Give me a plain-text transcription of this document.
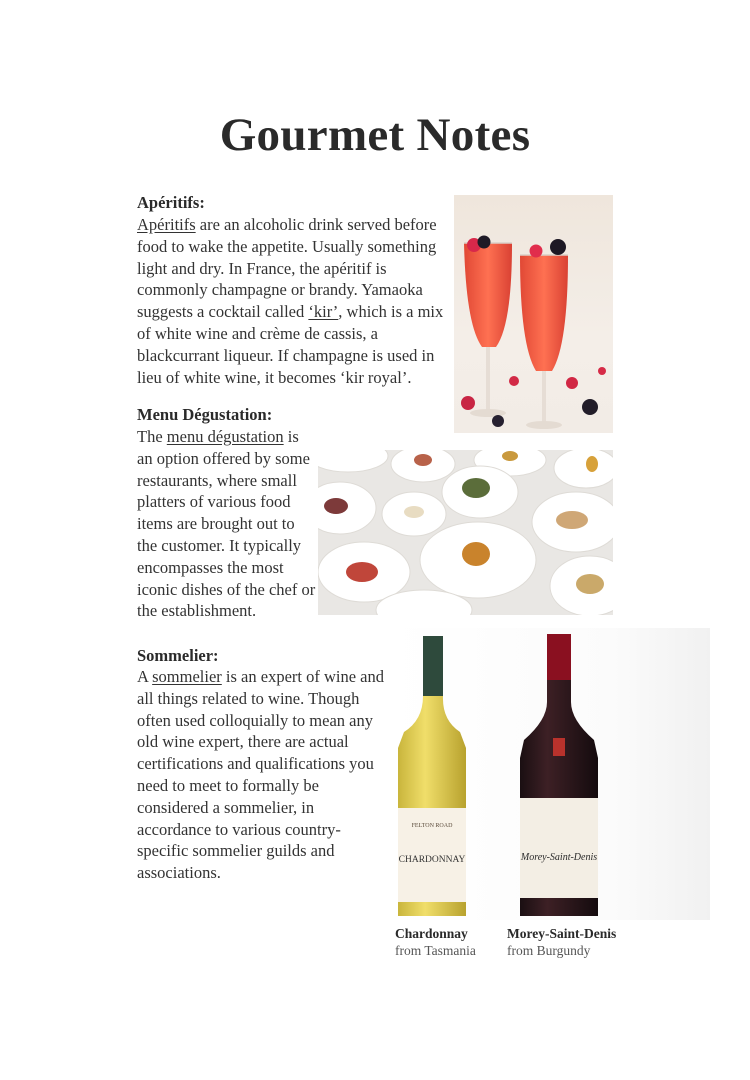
Gourmet Notes
Apéritifs:
Apéritifs are an alcoholic drink served before food to wake the appetite. Usually something light and dry. In France, the apéritif is commonly champagne or brandy. Yamaoka suggests a cocktail called ‘kir’, which is a mix of white wine and crème de cassis, a blackcurrant liqueur. If champagne is used in lieu of white wine, it becomes ‘kir royal’.
Menu Dégustation:
The menu dégustation is an option offered by some restaurants, where small platters of various food items are brought out to the customer. It typically encompasses the most iconic dishes of the chef or the establishment.
Sommelier:
A sommelier is an expert of wine and all things related to wine. Though often used colloquially to mean any old wine expert, there are actual certifications and qualifications you need to meet to formally be considered a sommelier, in accordance to various country-specific sommelier guilds and associations.
FELTON ROAD
CHARDONNAY	Morey-Saint-Denis
Chardonnay
from Tasmania
Morey-Saint-Denis
from Burgundy
